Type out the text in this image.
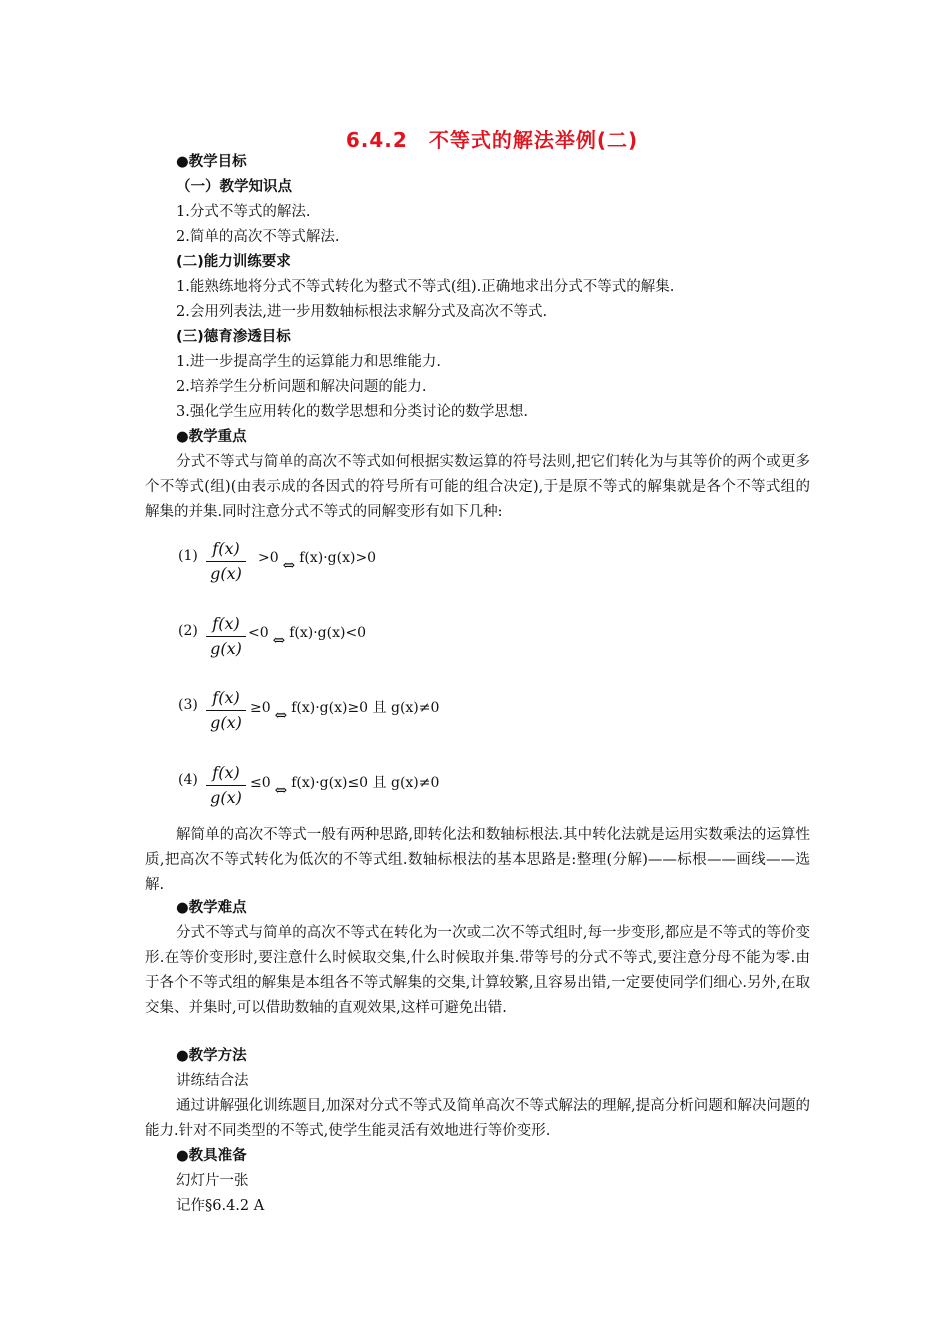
6.4.2　不等式的解法举例(二)
●教学目标
（一）教学知识点
1.分式不等式的解法.
2.简单的高次不等式解法.
(二)能力训练要求
1.能熟练地将分式不等式转化为整式不等式(组).正确地求出分式不等式的解集.
2.会用列表法,进一步用数轴标根法求解分式及高次不等式.
(三)德育渗透目标
1.进一步提高学生的运算能力和思维能力.
2.培养学生分析问题和解决问题的能力.
3.强化学生应用转化的数学思想和分类讨论的数学思想.
●教学重点
分式不等式与简单的高次不等式如何根据实数运算的符号法则,把它们转化为与其等价的两个或更多个不等式(组)(由表示成的各因式的符号所有可能的组合决定),于是原不等式的解集就是各个不等式组的解集的并集.同时注意分式不等式的同解变形有如下几种:
$(1) \frac{f(x)}{g(x)} >0$ ⇔ f(x)·g(x)>0
$(2) \frac{f(x)}{g(x)} <0$ ⇔ f(x)·g(x)<0
$(3) \frac{f(x)}{g(x)} \ge 0$ ⇔ f(x)·g(x)≥0 且 g(x)≠0
$(4) \frac{f(x)}{g(x)} \le 0$ ⇔ f(x)·g(x)≤0 且 g(x)≠0
解简单的高次不等式一般有两种思路,即转化法和数轴标根法.其中转化法就是运用实数乘法的运算性质,把高次不等式转化为低次的不等式组.数轴标根法的基本思路是:整理(分解)——标根——画线——选解.
●教学难点
分式不等式与简单的高次不等式在转化为一次或二次不等式组时,每一步变形,都应是不等式的等价变形.在等价变形时,要注意什么时候取交集,什么时候取并集.带等号的分式不等式,要注意分母不能为零.由于各个不等式组的解集是本组各不等式解集的交集,计算较繁,且容易出错,一定要使同学们细心.另外,在取交集、并集时,可以借助数轴的直观效果,这样可避免出错.
●教学方法
讲练结合法
通过讲解强化训练题目,加深对分式不等式及简单高次不等式解法的理解,提高分析问题和解决问题的能力.针对不同类型的不等式,使学生能灵活有效地进行等价变形.
●教具准备
幻灯片一张
记作§6.4.2 A
